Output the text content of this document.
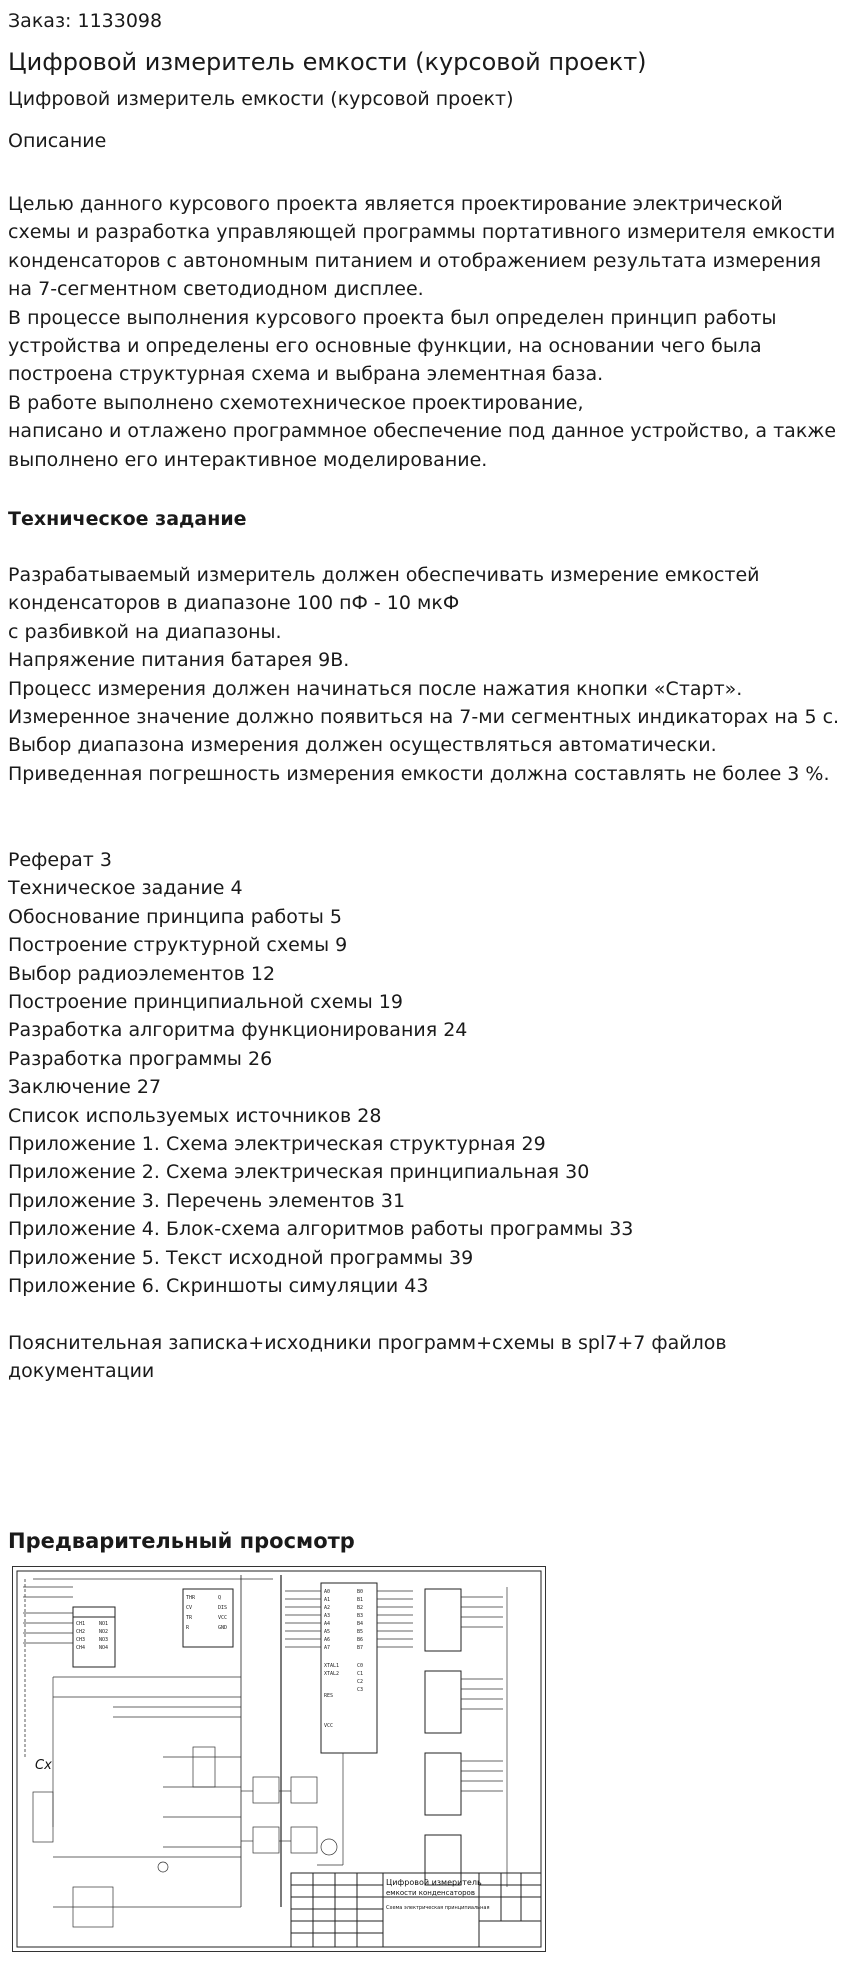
Заказ: 1133098
Цифровой измеритель емкости (курсовой проект)
Цифровой измеритель емкости (курсовой проект)
Описание
Целью данного курсового проекта является проектирование электрической
схемы и разработка управляющей программы портативного измерителя емкости
конденсаторов с автономным питанием и отображением результата измерения
на 7-сегментном светодиодном дисплее.
В процессе выполнения курсового проекта был определен принцип работы
устройства и определены его основные функции, на основании чего была
построена структурная схема и выбрана элементная база.
В работе выполнено схемотехническое проектирование,
написано и отлажено программное обеспечение под данное устройство, а также
выполнено его интерактивное моделирование.
Техническое задание
Разрабатываемый измеритель должен обеспечивать измерение емкостей
конденсаторов в диапазоне 100 пФ - 10 мкФ
с разбивкой на диапазоны.
Напряжение питания батарея 9В.
Процесс измерения должен начинаться после нажатия кнопки «Старт».
Измеренное значение должно появиться на 7-ми сегментных индикаторах на 5 с.
Выбор диапазона измерения должен осуществляться автоматически.
Приведенная погрешность измерения емкости должна составлять не более 3 %.
Реферат 3
Техническое задание 4
Обоснование принципа работы 5
Построение структурной схемы 9
Выбор радиоэлементов 12
Построение принципиальной схемы 19
Разработка алгоритма функционирования 24
Разработка программы 26
Заключение 27
Список используемых источников 28
Приложение 1. Схема электрическая структурная 29
Приложение 2. Схема электрическая принципиальная 30
Приложение 3. Перечень элементов 31
Приложение 4. Блок-схема алгоритмов работы программы 33
Приложение 5. Текст исходной программы 39
Приложение 6. Скриншоты симуляции 43
Пояснительная записка+исходники программ+схемы в spl7+7 файлов
документации
Предварительный просмотр
CH1
CH2
CH3
CH4
NO1
NO2
NO3
NO4
THR
CV
TR
R
Q
DIS
VCC
GND
A0
A1
A2
A3
A4
A5
A6
A7
XTAL1
XTAL2
RES
VCC
B0
B1
B2
B3
B4
B5
B6
B7
C0
C1
C2
C3
Cx
Цифровой измеритель
емкости конденсаторов
Схема электрическая принципиальная
